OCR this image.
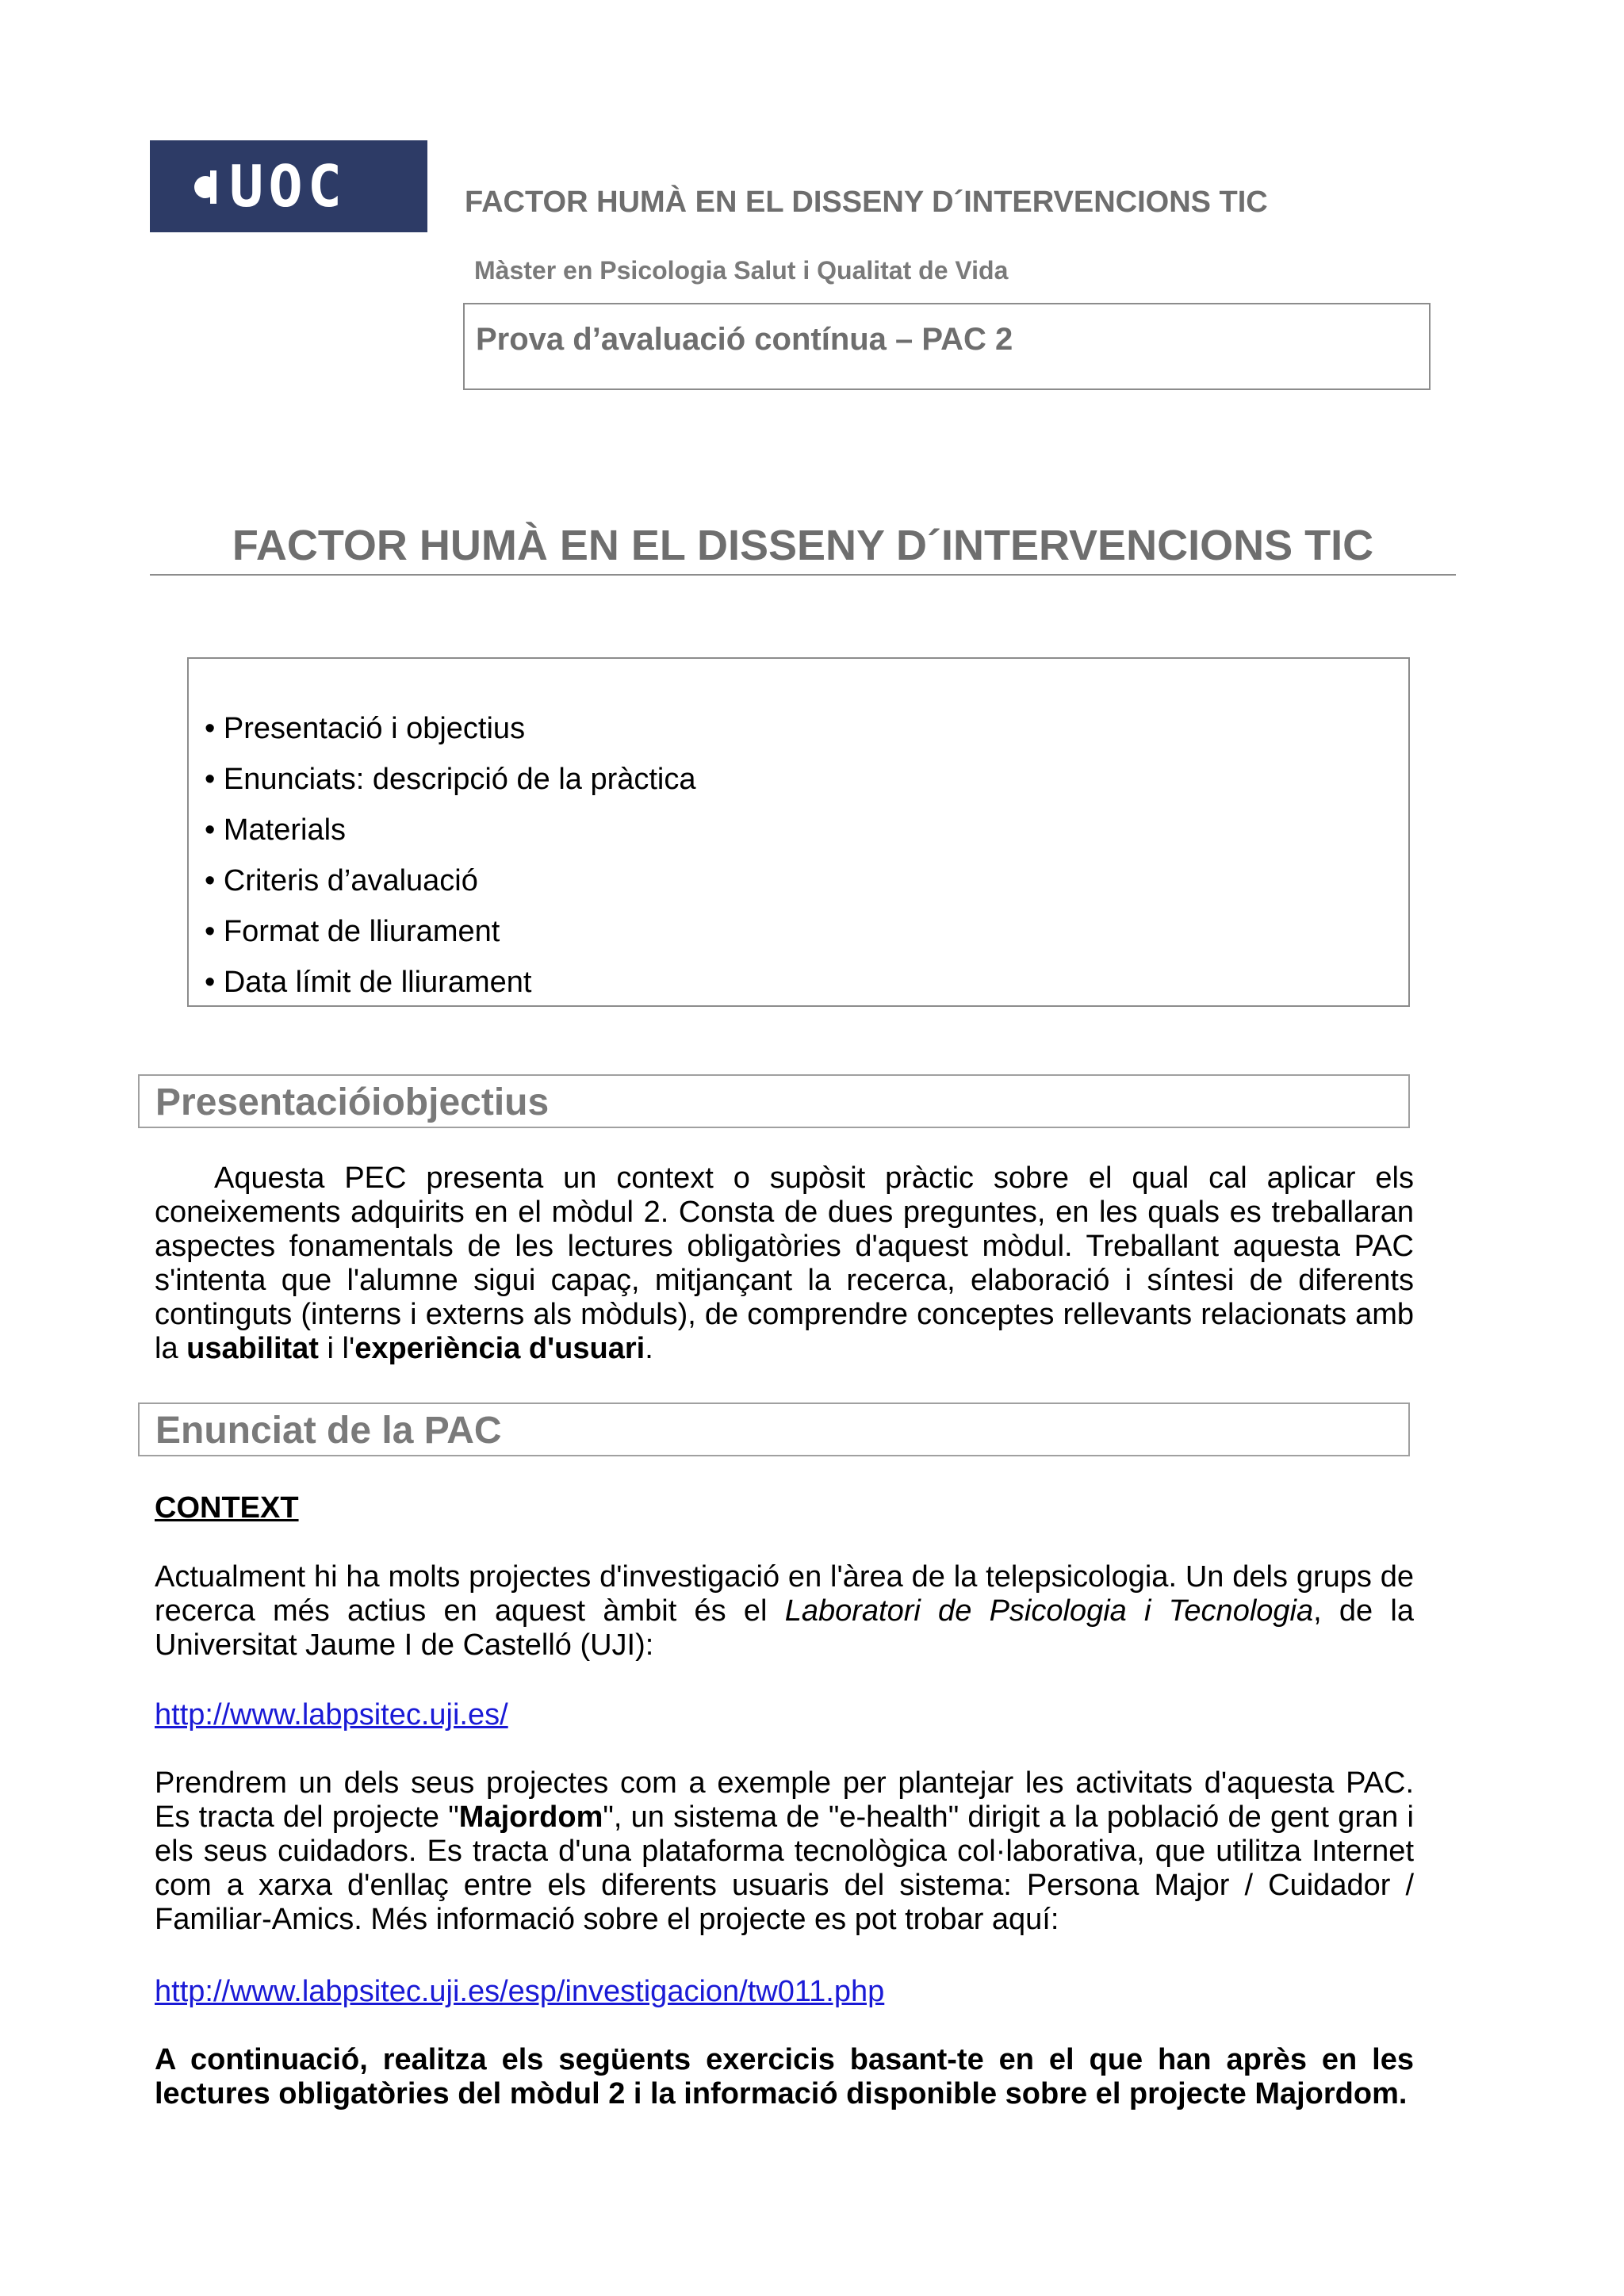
UOC	FACTOR HUMÀ EN EL DISSENY D´INTERVENCIONS TIC
Màster en Psicologia Salut i Qualitat de Vida
Prova d’avaluació contínua – PAC 2
FACTOR HUMÀ EN EL DISSENY D´INTERVENCIONS TIC
• Presentació i objectius
• Enunciats: descripció de la pràctica
• Materials
• Criteris d’avaluació
• Format de lliurament
• Data límit de lliurament
Presentacióiobjectius
Aquesta PEC presenta un context o supòsit pràctic sobre el qual cal aplicar els coneixements adquirits en el mòdul 2. Consta de dues preguntes, en les quals es treballaran aspectes fonamentals de les lectures obligatòries d'aquest mòdul. Treballant aquesta PAC s'intenta que l'alumne sigui capaç, mitjançant la recerca, elaboració i síntesi de diferents continguts (interns i externs als mòduls), de comprendre conceptes rellevants relacionats amb la usabilitat i l'experiència d'usuari.
Enunciat de la PAC
CONTEXT
Actualment hi ha molts projectes d'investigació en l'àrea de la telepsicologia. Un dels grups de recerca més actius en aquest àmbit és el Laboratori de Psicologia i Tecnologia, de la Universitat Jaume I de Castelló (UJI):
http://www.labpsitec.uji.es/
Prendrem un dels seus projectes com a exemple per plantejar les activitats d'aquesta PAC. Es tracta del projecte "Majordom", un sistema de "e-health" dirigit a la població de gent gran i els seus cuidadors. Es tracta d'una plataforma tecnològica col·laborativa, que utilitza Internet com a xarxa d'enllaç entre els diferents usuaris del sistema: Persona Major / Cuidador / Familiar-Amics. Més informació sobre el projecte es pot trobar aquí:
http://www.labpsitec.uji.es/esp/investigacion/tw011.php
A continuació, realitza els següents exercicis basant-te en el que han après en les lectures obligatòries del mòdul 2 i la informació disponible sobre el projecte Majordom.
